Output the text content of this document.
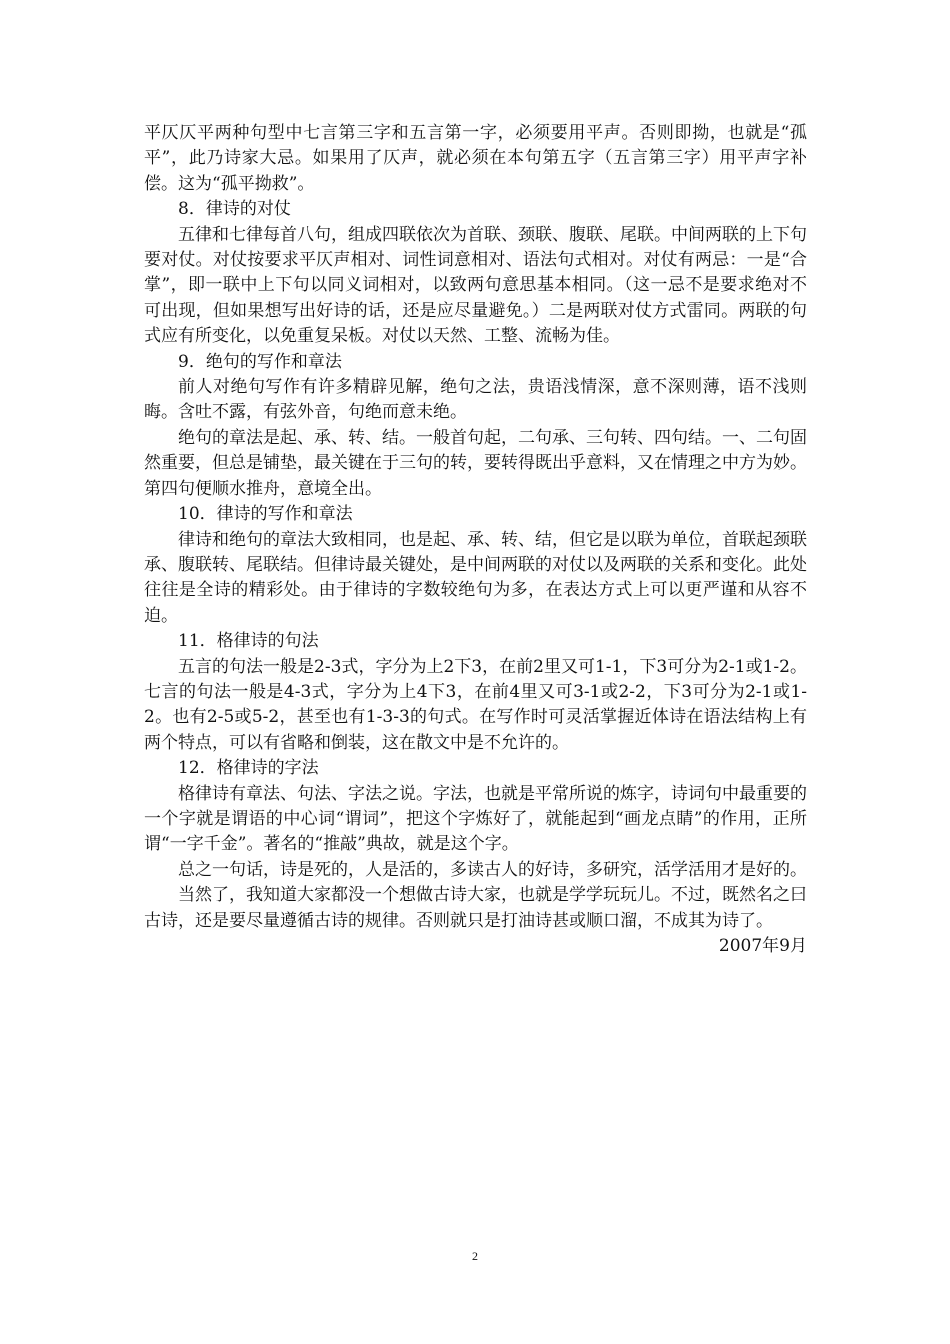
平仄仄平两种句型中七言第三字和五言第一字，必须要用平声。否则即拗，也就是“孤平”，此乃诗家大忌。如果用了仄声，就必须在本句第五字（五言第三字）用平声字补偿。这为“孤平拗救”。

8．律诗的对仗

五律和七律每首八句，组成四联依次为首联、颈联、腹联、尾联。中间两联的上下句要对仗。对仗按要求平仄声相对、词性词意相对、语法句式相对。对仗有两忌：一是“合掌”，即一联中上下句以同义词相对，以致两句意思基本相同。（这一忌不是要求绝对不可出现，但如果想写出好诗的话，还是应尽量避免。）二是两联对仗方式雷同。两联的句式应有所变化，以免重复呆板。对仗以天然、工整、流畅为佳。

9．绝句的写作和章法

前人对绝句写作有许多精辟见解，绝句之法，贵语浅情深，意不深则薄，语不浅则晦。含吐不露，有弦外音，句绝而意未绝。

绝句的章法是起、承、转、结。一般首句起，二句承、三句转、四句结。一、二句固然重要，但总是铺垫，最关键在于三句的转，要转得既出乎意料，又在情理之中方为妙。第四句便顺水推舟，意境全出。

10．律诗的写作和章法

律诗和绝句的章法大致相同，也是起、承、转、结，但它是以联为单位，首联起颈联承、腹联转、尾联结。但律诗最关键处，是中间两联的对仗以及两联的关系和变化。此处往往是全诗的精彩处。由于律诗的字数较绝句为多，在表达方式上可以更严谨和从容不迫。

11．格律诗的句法

五言的句法一般是2-3式，字分为上2下3，在前2里又可1-1，下3可分为2-1或1-2。七言的句法一般是4-3式，字分为上4下3，在前4里又可3-1或2-2，下3可分为2-1或1-2。也有2-5或5-2，甚至也有1-3-3的句式。在写作时可灵活掌握近体诗在语法结构上有两个特点，可以有省略和倒装，这在散文中是不允许的。

12．格律诗的字法

格律诗有章法、句法、字法之说。字法，也就是平常所说的炼字，诗词句中最重要的一个字就是谓语的中心词“谓词”，把这个字炼好了，就能起到“画龙点睛”的作用，正所谓“一字千金”。著名的“推敲”典故，就是这个字。

总之一句话，诗是死的，人是活的，多读古人的好诗，多研究，活学活用才是好的。

当然了，我知道大家都没一个想做古诗大家，也就是学学玩玩儿。不过，既然名之曰古诗，还是要尽量遵循古诗的规律。否则就只是打油诗甚或顺口溜，不成其为诗了。

2007年9月

2
